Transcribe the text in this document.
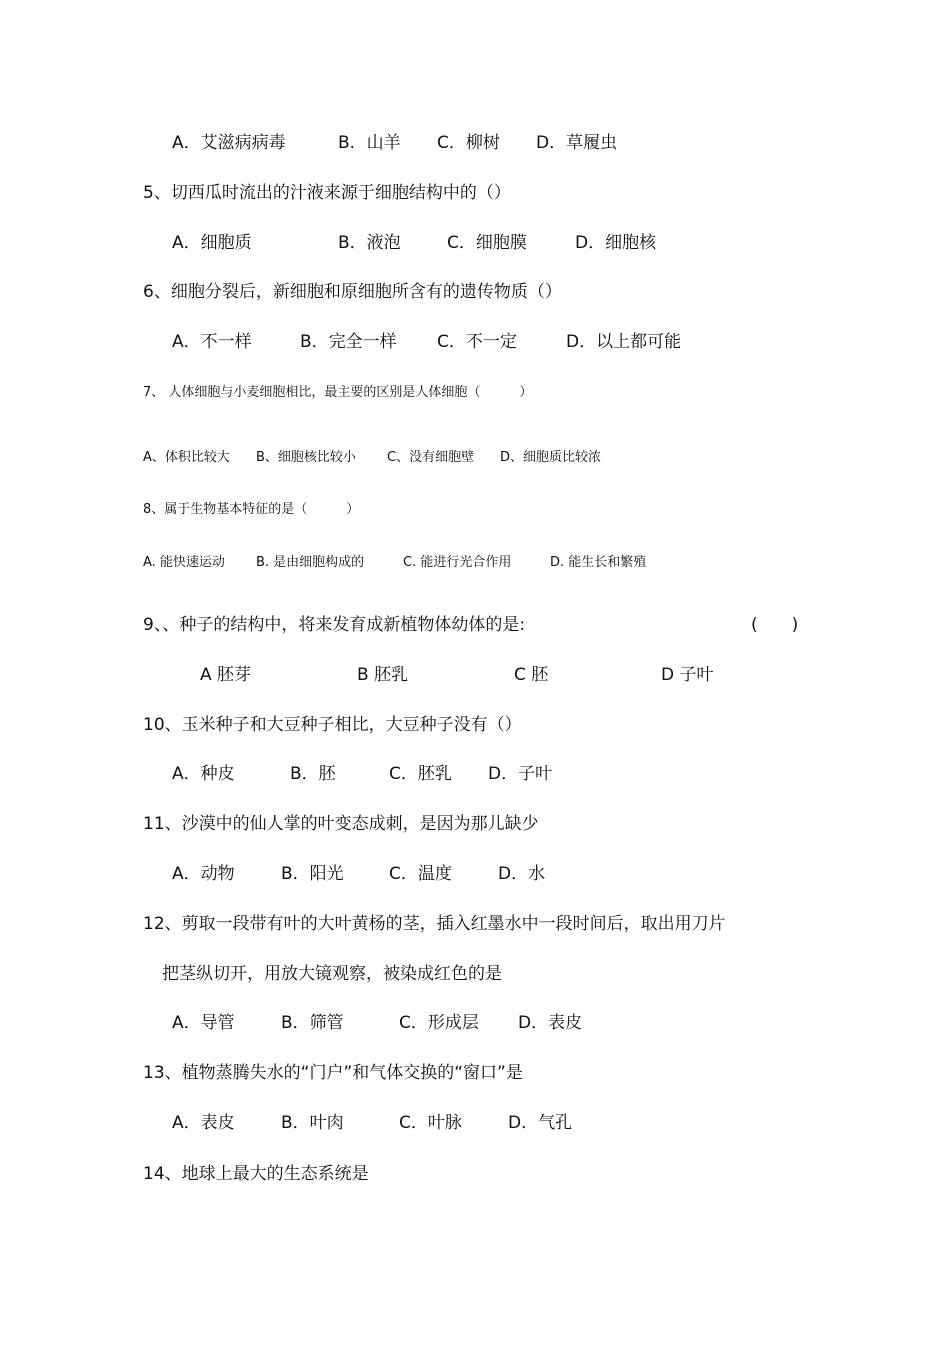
A．艾滋病病毒	B．山羊 C．柳树 D．草履虫
5、切西瓜时流出的汁液来源于细胞结构中的（）
A．细胞质	B．液泡	C．细胞膜	D．细胞核
6、细胞分裂后，新细胞和原细胞所含有的遗传物质（）
A．不一样	B．完全一样 C．不一定	D．以上都可能
7、 人体细胞与小麦细胞相比，最主要的区别是人体细胞（　　　）
A、体积比较大 B、细胞核比较小 C、没有细胞壁 D、细胞质比较浓
8、属于生物基本特征的是（　　　）
A. 能快速运动 B. 是由细胞构成的	C. 能进行光合作用	D. 能生长和繁殖
9、、种子的结构中，将来发育成新植物体幼体的是:	(　　)
A 胚芽	B 胚乳	C 胚	D 子叶
10、玉米种子和大豆种子相比，大豆种子没有（）
A．种皮	B．胚	C．胚乳 D．子叶
11、沙漠中的仙人掌的叶变态成刺，是因为那儿缺少
A．动物	B．阳光	C．温度	D．水
12、剪取一段带有叶的大叶黄杨的茎，插入红墨水中一段时间后，取出用刀片
把茎纵切开，用放大镜观察，被染成红色的是
A．导管	B．筛管	C．形成层 D．表皮
13、植物蒸腾失水的“门户”和气体交换的“窗口”是
A．表皮	B．叶肉	C．叶脉	D．气孔
14、地球上最大的生态系统是
